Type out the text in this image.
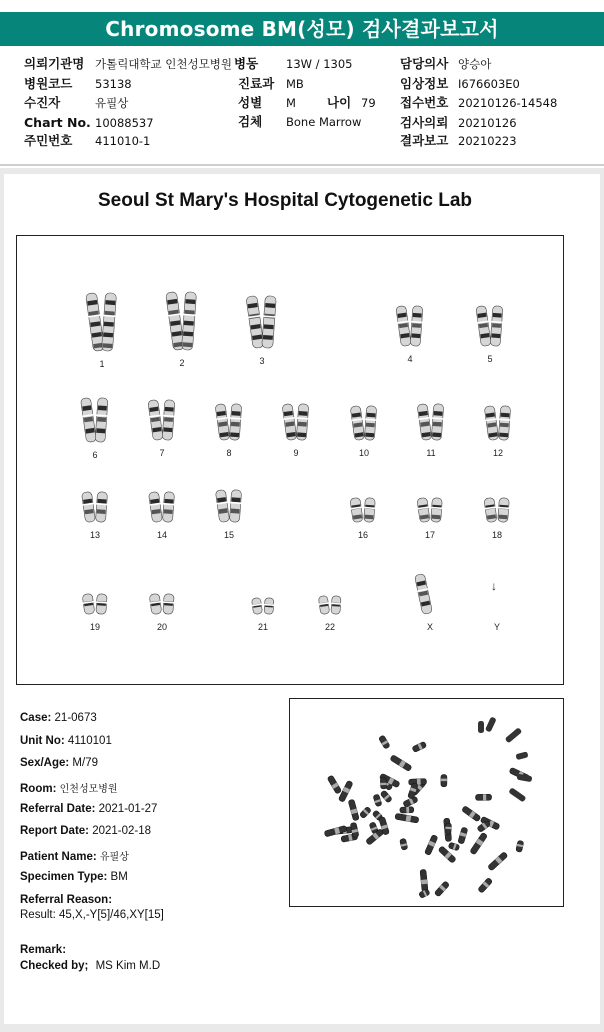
Chromosome BM(성모) 검사결과보고서
의뢰기관명 가톨릭대학교 인천성모병원
병원코드 53138
수진자	유필상
Chart No. 10088537
주민번호 411010-1
병동 13W / 1305
진료과 MB
성별 M 나이 79
검체 Bone Marrow
담당의사 양승아
임상정보 I676603E0
접수번호 20210126-14548
검사의뢰 20210126
결과보고 20210223
Seoul St Mary's Hospital Cytogenetic Lab
↓
1	2	3	4	5
6	7	8	9	10	11	12
13	14	15	16	17	18
19	20	21	22	X	Y
Case: 21-0673
Unit No: 4110101
Sex/Age: M/79
Room: 인천성모병원
Referral Date: 2021-01-27
Report Date: 2021-02-18
Patient Name: 유필상
Specimen Type: BM
Referral Reason:
Result: 45,X,-Y[5]/46,XY[15]
Remark:
Checked by; MS Kim M.D
